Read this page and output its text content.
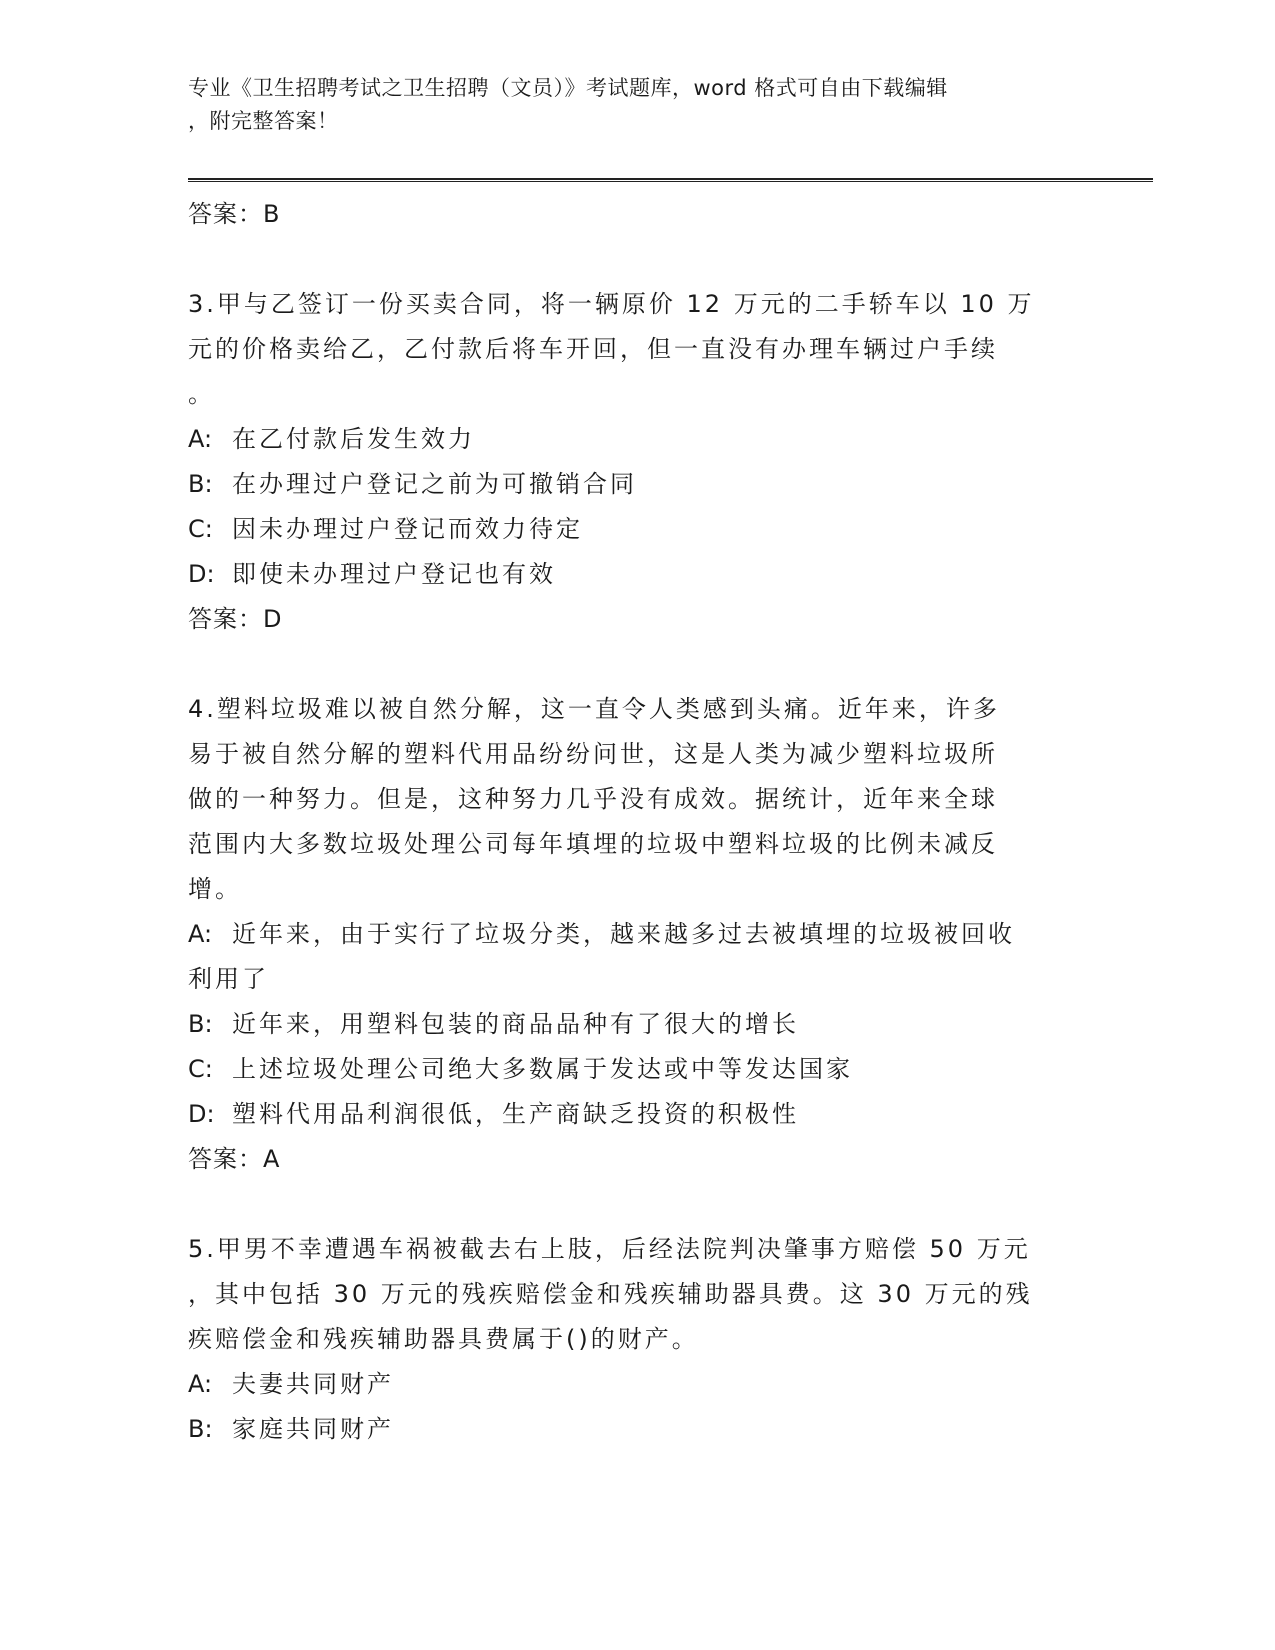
专业《卫生招聘考试之卫生招聘（文员）》考试题库，word 格式可自由下载编辑
，附完整答案！
答案：B
3.甲与乙签订一份买卖合同，将一辆原价 12 万元的二手轿车以 10 万
元的价格卖给乙，乙付款后将车开回，但一直没有办理车辆过户手续
。
A: 在乙付款后发生效力
B: 在办理过户登记之前为可撤销合同
C: 因未办理过户登记而效力待定
D: 即使未办理过户登记也有效
答案：D
4.塑料垃圾难以被自然分解，这一直令人类感到头痛。近年来，许多
易于被自然分解的塑料代用品纷纷问世，这是人类为减少塑料垃圾所
做的一种努力。但是，这种努力几乎没有成效。据统计，近年来全球
范围内大多数垃圾处理公司每年填埋的垃圾中塑料垃圾的比例未减反
增。
A: 近年来，由于实行了垃圾分类，越来越多过去被填埋的垃圾被回收
利用了
B: 近年来，用塑料包装的商品品种有了很大的增长
C: 上述垃圾处理公司绝大多数属于发达或中等发达国家
D: 塑料代用品利润很低，生产商缺乏投资的积极性
答案：A
5.甲男不幸遭遇车祸被截去右上肢，后经法院判决肇事方赔偿 50 万元
，其中包括 30 万元的残疾赔偿金和残疾辅助器具费。这 30 万元的残
疾赔偿金和残疾辅助器具费属于()的财产。
A: 夫妻共同财产
B: 家庭共同财产
